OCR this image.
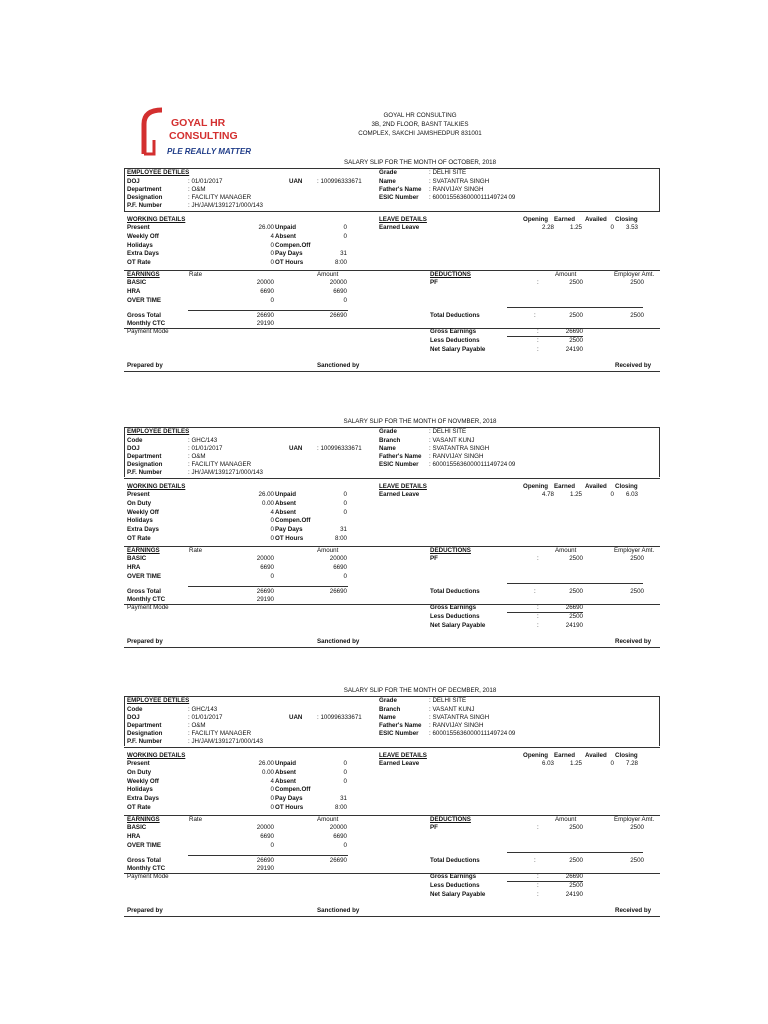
GOYAL HR
CONSULTING
PLE REALLY MATTER
GOYAL HR CONSULTING
3B, 2ND FLOOR, BASNT TALKIES
COMPLEX, SAKCHI JAMSHEDPUR 831001
SALARY SLIP FOR THE MONTH OF OCTOBER, 2018
EMPLOYEE DETILES	Grade	: DELHI SITE
DOJ	: 01/01/2017	UAN : 100996333671	Name	: SVATANTRA SINGH
Department	: O&M	Father's Name : RANVIJAY SINGH
Designation	: FACILITY MANAGER	ESIC Number : 6000155636000011149724 09
P.F. Number	: JH/JAM/1391271/000/143
WORKING DETAILS	LEAVE DETAILS	Opening Earned Availed Closing
Earned Leave	2.28	1.25	0	3.53
Present	26.00 Unpaid	0
Weekly Off	4 Absent	0
Holidays	0 Compen.Off
Extra Days	0 Pay Days	31
OT Rate	0 OT Hours	8:00
EARNINGS	Rate	Amount	DEDUCTIONS	Amount	Employer Amt.
BASIC	20000	20000	PF	:	2500	2500
HRA	6690	6690
OVER TIME	0	0
Gross Total	26690	26690	Total Deductions	:	2500	2500
Monthly CTC	29190
Payment Mode	Gross Earnings	:	26690
Less Deductions	:	2500
Net Salary Payable	:	24190
Prepared by	Sanctioned by	Received by
SALARY SLIP FOR THE MONTH OF NOVMBER, 2018
EMPLOYEE DETILES	Grade	: DELHI SITE
Code	: GHC/143	Branch	: VASANT KUNJ
DOJ	: 01/01/2017	UAN : 100996333671	Name	: SVATANTRA SINGH
Department	: O&M	Father's Name : RANVIJAY SINGH
Designation	: FACILITY MANAGER	ESIC Number : 6000155636000011149724 09
P.F. Number	: JH/JAM/1391271/000/143
WORKING DETAILS	LEAVE DETAILS	Opening Earned Availed Closing
Earned Leave	4.78	1.25	0	6.03
Present	26.00 Unpaid	0
On Duty	0.00 Absent	0
Weekly Off	4 Absent	0
Holidays	0 Compen.Off
Extra Days	0 Pay Days	31
OT Rate	0 OT Hours	8:00
EARNINGS	Rate	Amount	DEDUCTIONS	Amount	Employer Amt.
BASIC	20000	20000	PF	:	2500	2500
HRA	6690	6690
OVER TIME	0	0
Gross Total	26690	26690	Total Deductions	:	2500	2500
Monthly CTC	29190
Payment Mode	Gross Earnings	:	26690
Less Deductions	:	2500
Net Salary Payable	:	24190
Prepared by	Sanctioned by	Received by
SALARY SLIP FOR THE MONTH OF DECMBER, 2018
EMPLOYEE DETILES	Grade	: DELHI SITE
Code	: GHC/143	Branch	: VASANT KUNJ
DOJ	: 01/01/2017	UAN : 100996333671	Name	: SVATANTRA SINGH
Department	: O&M	Father's Name : RANVIJAY SINGH
Designation	: FACILITY MANAGER	ESIC Number : 6000155636000011149724 09
P.F. Number	: JH/JAM/1391271/000/143
WORKING DETAILS	LEAVE DETAILS	Opening Earned Availed Closing
Earned Leave	6.03	1.25	0	7.28
Present	26.00 Unpaid	0
On Duty	0.00 Absent	0
Weekly Off	4 Absent	0
Holidays	0 Compen.Off
Extra Days	0 Pay Days	31
OT Rate	0 OT Hours	8:00
EARNINGS	Rate	Amount	DEDUCTIONS	Amount	Employer Amt.
BASIC	20000	20000	PF	:	2500	2500
HRA	6690	6690
OVER TIME	0	0
Gross Total	26690	26690	Total Deductions	:	2500	2500
Monthly CTC	29190
Payment Mode	Gross Earnings	:	26690
Less Deductions	:	2500
Net Salary Payable	:	24190
Prepared by	Sanctioned by	Received by
